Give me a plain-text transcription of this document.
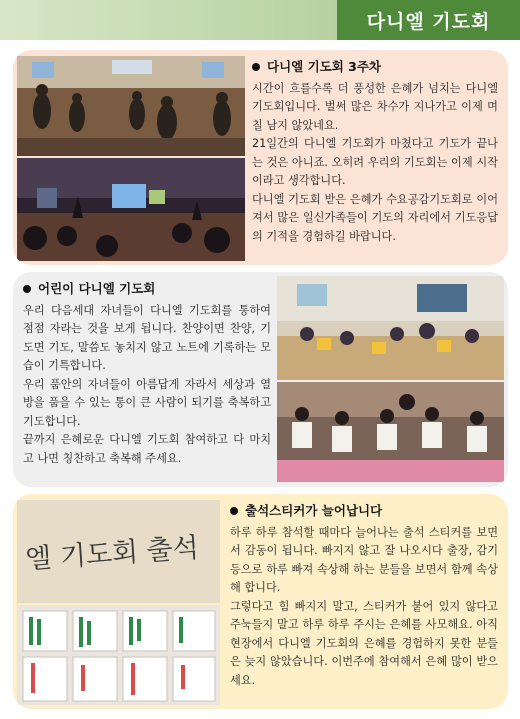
다니엘 기도회
다니엘 기도회 3주차

시간이 흐를수록 더 풍성한 은혜가 넘치는 다니엘 기도회입니다. 벌써 많은 차수가 지나가고 이제 며칠 남지 않았네요.

21일간의 다니엘 기도회가 마쳤다고 기도가 끝나는 것은 아니죠. 오히려 우리의 기도회는 이제 시작이라고 생각합니다.

다니엘 기도회 받은 은혜가 수요공감기도회로 이어져서 많은 일신가족들이 기도의 자리에서 기도응답의 기적을 경험하길 바랍니다.

어린이 다니엘 기도회

우리 다음세대 자녀들이 다니엘 기도회를 통하여 점점 자라는 것을 보게 됩니다. 찬양이면 찬양, 기도면 기도, 말씀도 놓치지 않고 노트에 기록하는 모습이 기특합니다.

우리 품안의 자녀들이 아름답게 자라서 세상과 열방을 품을 수 있는 통이 큰 사람이 되기를 축복하고 기도합니다.

끝까지 은혜로운 다니엘 기도회 참여하고 다 마치고 나면 칭찬하고 축복해 주세요.

엘 기도회 출석
출석스티커가 늘어납니다

하루 하루 참석할 때마다 늘어나는 출석 스티커를 보면서 감동이 됩니다. 빠지지 않고 잘 나오시다 출장, 감기 등으로 하루 빠져 속상해 하는 분들을 보면서 함께 속상해 합니다.

그렇다고 힘 빠지지 말고, 스티커가 붙어 있지 않다고 주눅들지 말고 하루 하루 주시는 은혜를 사모해요. 아직 현장에서 다니엘 기도회의 은혜를 경험하지 못한 분들은 늦지 않았습니다. 이번주에 참여해서 은혜 많이 받으세요.
